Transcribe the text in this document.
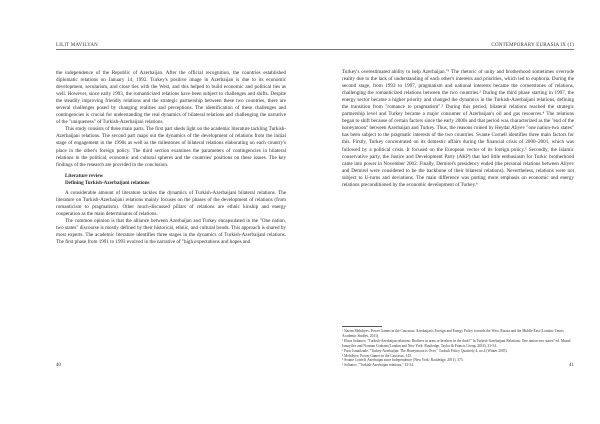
LILIT MAVILYAN

the independence of the Republic of Azerbaijan. After the official recognition, the countries established diplomatic relations on January 14, 1992. Turkey's positive image in Azerbaijan is due to its economic development, secularism, and close ties with the West, and this helped to build economic and political ties as well. However, since early 1993, the romanticized relations have been subject to challenges and shifts. Despite the steadily improving friendly relations and the strategic partnership between these two countries, there are several challenges posed by changing realities and perceptions. The identification of these challenges and contingencies is crucial for understanding the real dynamics of bilateral relations and challenging the narrative of the "uniqueness" of Turkish-Azerbaijani relations.

This study consists of three main parts. The first part sheds light on the academic literature tackling Turkish-Azerbaijani relations. The second part maps out the dynamics of the development of relations from the initial stage of engagement in the 1990s as well as the milestones of bilateral relations elaborating on each country's place in the other's foreign policy. The third section examines the parameters of contingencies in bilateral relations in the political, economic and cultural spheres and the countries' positions on these issues. The key findings of the research are provided in the conclusion.

Literature review
Defining Turkish-Azerbaijani relations

A considerable amount of literature tackles the dynamics of Turkish-Azerbaijani bilateral relations. The literature on Turkish-Azerbaijani relations mainly focuses on the phases of the development of relations (from romanticism to pragmatism). Other much-discussed pillars of relations are ethnic kinship and energy cooperation as the main determinants of relations.

The common opinion is that the alliance between Azerbaijan and Turkey encapsulated in the "One nation, two states" discourse is mostly defined by their historical, ethnic, and cultural bonds. This approach is shared by most experts. The academic literature identifies three stages in the dynamics of Turkish-Azerbaijani relations. The first phase from 1991 to 1993 evolved in the narrative of "high expectations and hopes and

40
CONTEMPORARY EURASIA IX (1)

Turkey's overestimated ability to help Azerbaijan."¹ The rhetoric of unity and brotherhood sometimes overrode reality due to the lack of understanding of each other's interests and priorities, which led to euphoria. During the second stage, from 1993 to 1997, pragmatism and national interests became the cornerstones of relations, challenging the romanticized relations between the two countries.² During the third phase starting in 1997, the energy sector became a higher priority and changed the dynamics in the Turkish-Azerbaijani relations, defining the transition from "romance to pragmatism".³ During this period, bilateral relations reached the strategic partnership level and Turkey became a major consumer of Azerbaijan's oil and gas resources.⁴ The relations began to shift because of certain factors since the early 2000s and that period was characterized as the "end of the honeymoon" between Azerbaijan and Turkey. Thus, the reasons coined by Heydar Aliyev "one nation-two states" has been subject to the pragmatic interests of the two countries. Svante Cornell identifies three main factors for this. Firstly, Turkey concentrated on its domestic affairs during the financial crisis of 2000–2001, which was followed by a political crisis. It focused on the European vector of its foreign policy.⁵ Secondly, the Islamic conservative party, the Justice and Development Party (AKP) that had little enthusiasm for Turkic brotherhood came into power in November 2002. Finally, Demirel's presidency ended (the personal relations between Aliyev and Demirel were considered to be the backbone of their bilateral relations). Nevertheless, relations were not subject to U-turns and deviations. The main difference was putting more emphasis on economic and energy relations preconditioned by the economic development of Turkey.⁶

¹ Nazim Mehdiyev, Power Games in the Caucasus: Azerbaijan's Foreign and Energy Policy towards the West, Russia and the Middle East (London: Tauris Academic Studies, 2011).
² Elnur Soltanov, "Turkish-Azerbaijan relations: Brothers in arms or brothers in the dark?" In Turkish-Azerbaijani Relations: One nation-two states? ed. Murad Ismayilov and Norman Graham (London and New York: Routledge, Taylor & Francis Group, 2016), 31-54.
³ Faric Ismailzade, "Turkey-Azerbaijan: The Honeymoon is Over," Turkish Policy Quarterly 4, no.4 (Winter 2005).
⁴ Mehdiyev, Power Games in the Caucasus, 145.
⁵ Svante Cornell, Azerbaijan since Independence (New York: Routledge, 2011), 375.
⁶ Soltanov, "Turkish-Azerbaijan relations," 33-34.	41
